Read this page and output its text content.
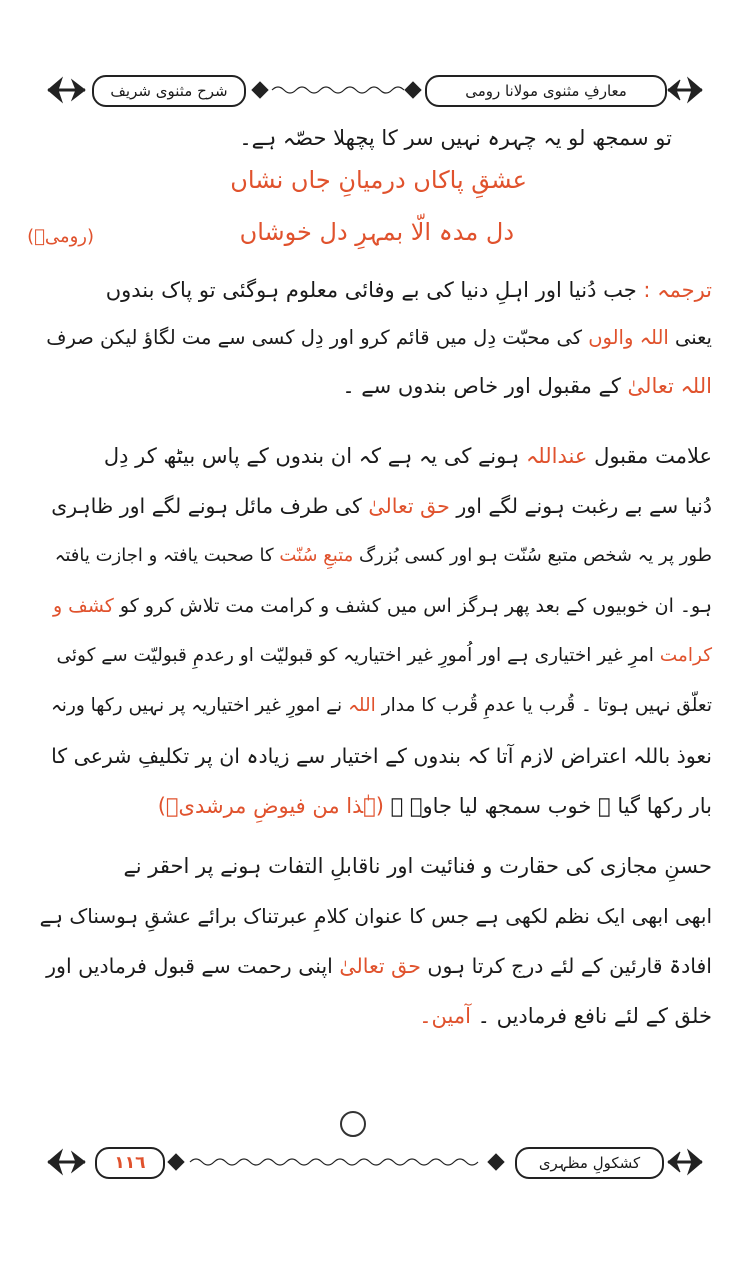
شرح مثنوی شریف	معارفِ مثنوی مولانا رومی
تو سمجھ لو یہ چہرہ نہیں سر کا پچھلا حصّہ ہے۔
عشقِ پاکاں درمیانِ جاں نشاں
دل مدہ الّا بمہرِ دل خوشاں
(رومیؒ)
ترجمہ : جب دُنیا اور اہلِ دنیا کی بے وفائی معلوم ہوگئی تو پاک بندوں
یعنی اللہ والوں کی محبّت دِل میں قائم کرو اور دِل کسی سے مت لگاؤ لیکن صرف
اللہ تعالیٰ کے مقبول اور خاص بندوں سے ۔
علامت مقبول عنداللہ ہونے کی یہ ہے کہ ان بندوں کے پاس بیٹھ کر دِل
دُنیا سے بے رغبت ہونے لگے اور حق تعالیٰ کی طرف مائل ہونے لگے اور ظاہری
طور پر یہ شخص متبع سُنّت ہو اور کسی بُزرگ متبعِ سُنّت کا صحبت یافتہ و اجازت یافتہ
ہو۔ ان خوبیوں کے بعد پھر ہرگز اس میں کشف و کرامت مت تلاش کرو کو کشف و
کرامت امرِ غیر اختیاری ہے اور اُمورِ غیر اختیاریہ کو قبولیّت او رعدمِ قبولیّت سے کوئی
تعلّق نہیں ہوتا ۔ قُرب یا عدمِ قُرب کا مدار اللہ نے امورِ غیر اختیاریہ پر نہیں رکھا ورنہ
نعوذ باللہ اعتراض لازم آتا کہ بندوں کے اختیار سے زیادہ ان پر تکلیفِ شرعی کا
بار رکھا گیا ۔ خوب سمجھ لیا جاوے ۔ (ہٰذا من فیوضِ مرشدیؒ)
حسنِ مجازی کی حقارت و فنائیت اور ناقابلِ التفات ہونے پر احقر نے
ابھی ابھی ایک نظم لکھی ہے جس کا عنوان کلامِ عبرتناک برائے عشقِ ہوسناک ہے
افادۃ قارئین کے لئے درج کرتا ہوں حق تعالیٰ اپنی رحمت سے قبول فرمادیں اور
خلق کے لئے نافع فرمادیں ۔ آمین۔
١١٦	کشکولِ مظہری
